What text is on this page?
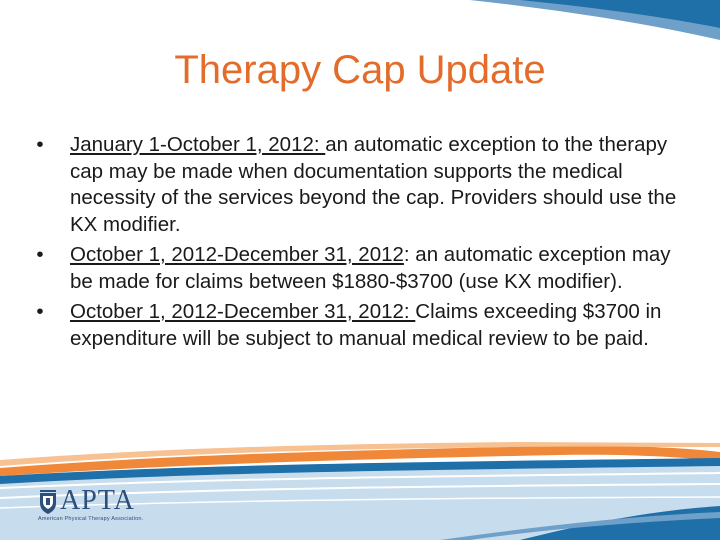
Therapy Cap Update
•	January 1-October 1, 2012: an automatic exception to the therapy cap may be made when documentation supports the medical necessity of the services beyond the cap. Providers should use the KX modifier.
•	October 1, 2012-December 31, 2012: an automatic exception may be made for claims between $1880-$3700 (use KX modifier).
•	October 1, 2012-December 31, 2012: Claims exceeding $3700 in expenditure will be subject to manual medical review to be paid.
APTA
American Physical Therapy Association.
